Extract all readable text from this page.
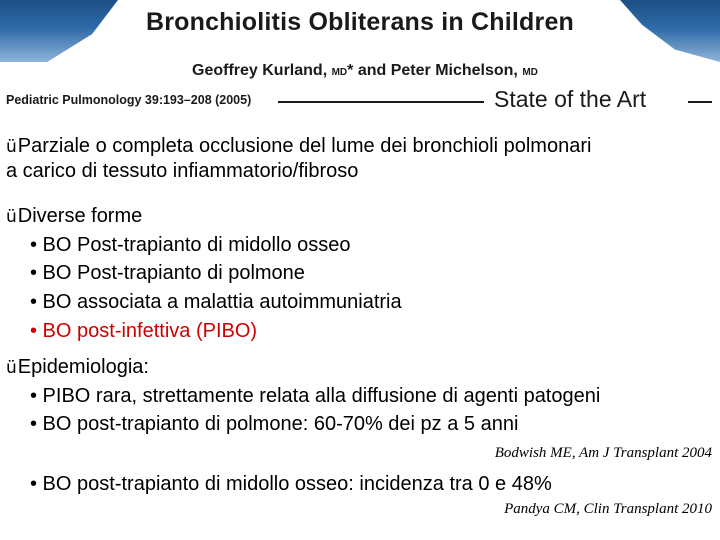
Bronchiolitis Obliterans in Children
Geoffrey Kurland, MD* and Peter Michelson, MD
Pediatric Pulmonology 39:193–208 (2005)	State of the Art
üParziale o completa occlusione del lume dei bronchioli polmonari
a carico di tessuto infiammatorio/fibroso
üDiverse forme
• BO Post-trapianto di midollo osseo
• BO Post-trapianto di polmone
• BO associata a malattia autoimmuniatria
• BO post-infettiva (PIBO)
üEpidemiologia:
• PIBO rara, strettamente relata alla diffusione di agenti patogeni
• BO post-trapianto di polmone: 60-70% dei pz a 5 anni
Bodwish ME, Am J Transplant 2004
• BO post-trapianto di midollo osseo: incidenza tra 0 e 48%
Pandya CM, Clin Transplant 2010
